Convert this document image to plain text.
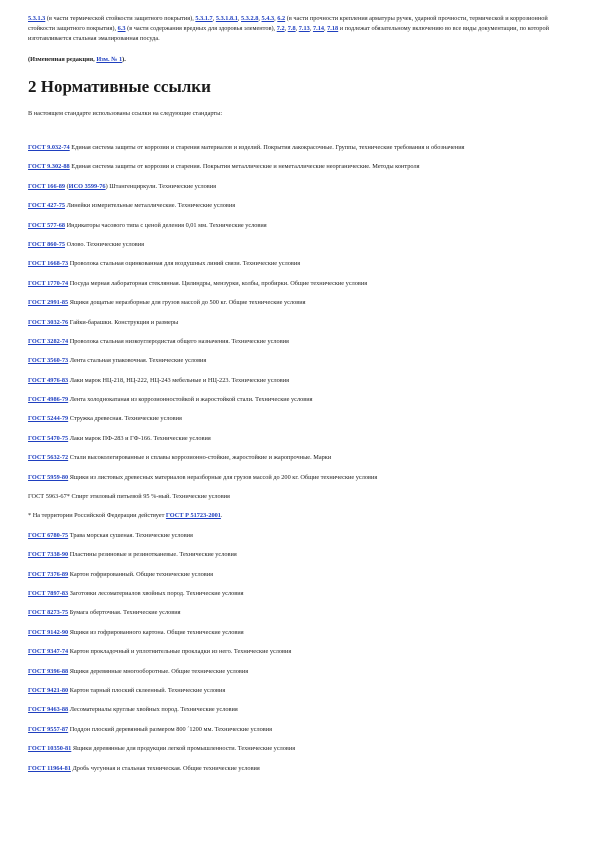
5.3.1.3 (в части термической стойкости защитного покрытия), 5.3.1.7, 5.3.1.8.1, 5.3.2.8, 5.4.3, 6.2 (в части прочности крепления арматуры ручек, ударной прочности, термической и коррозионной стойкости защитного покрытия), 6.3 (в части содержания вредных для здоровья элементов), 7.2, 7.8, 7.13, 7.14, 7.18 и подлежат обязательному включению во все виды документации, по которой изготавливается стальная эмалированная посуда.

(Измененная редакция, Изм. № 1).

2 Нормативные ссылки

В настоящем стандарте использованы ссылки на следующие стандарты:

ГОСТ 9.032-74 Единая система защиты от коррозии и старения материалов и изделий. Покрытия лакокрасочные. Группы, технические требования и обозначения

ГОСТ 9.302-88 Единая система защиты от коррозии и старения. Покрытия металлические и неметаллические неорганические. Методы контроля

ГОСТ 166-89 (ИСО 3599-76) Штангенциркули. Технические условия

ГОСТ 427-75 Линейки измерительные металлические. Технические условия

ГОСТ 577-68 Индикаторы часового типа с ценой деления 0,01 мм. Технические условия

ГОСТ 860-75 Олово. Технические условия

ГОСТ 1668-73 Проволока стальная оцинкованная для воздушных линий связи. Технические условия

ГОСТ 1770-74 Посуда мерная лабораторная стеклянная. Цилиндры, мензурки, колбы, пробирки. Общие технические условия

ГОСТ 2991-85 Ящики дощатые неразборные для грузов массой до 500 кг. Общие технические условия

ГОСТ 3032-76 Гайки-барашки. Конструкция и размеры

ГОСТ 3282-74 Проволока стальная низкоуглеродистая общего назначения. Технические условия

ГОСТ 3560-73 Лента стальная упаковочная. Технические условия

ГОСТ 4976-83 Лаки марок НЦ-218, НЦ-222, НЦ-243 мебельные и НЦ-223. Технические условия

ГОСТ 4986-79 Лента холоднокатаная из коррозионностойкой и жаростойкой стали. Технические условия

ГОСТ 5244-79 Стружка древесная. Технические условия

ГОСТ 5470-75 Лаки марок ПФ-283 и ГФ-166. Технические условия

ГОСТ 5632-72 Стали высоколегированные и сплавы коррозионно-стойкие, жаростойкие и жаропрочные. Марки

ГОСТ 5959-80 Ящики из листовых древесных материалов неразборные для грузов массой до 200 кг. Общие технические условия

ГОСТ 5963-67* Спирт этиловый питьевой 95 %-ный. Технические условия

* На территории Российской Федерации действует ГОСТ Р 51723-2001.

ГОСТ 6780-75 Трава морская сушеная. Технические условия

ГОСТ 7338-90 Пластины резиновые и резинотканевые. Технические условия

ГОСТ 7376-89 Картон гофрированный. Общие технические условия

ГОСТ 7897-83 Заготовки лесоматериалов хвойных пород. Технические условия

ГОСТ 8273-75 Бумага оберточная. Технические условия

ГОСТ 9142-90 Ящики из гофрированного картона. Общие технические условия

ГОСТ 9347-74 Картон прокладочный и уплотнительные прокладки из него. Технические условия

ГОСТ 9396-88 Ящики деревянные многооборотные. Общие технические условия

ГОСТ 9421-80 Картон тарный плоский склеенный. Технические условия

ГОСТ 9463-88 Лесоматериалы круглые хвойных пород. Технические условия

ГОСТ 9557-87 Поддон плоский деревянный размером 800 ´1200 мм. Технические условия

ГОСТ 10350-81 Ящики деревянные для продукции легкой промышленности. Технические условия

ГОСТ 11964-81 Дробь чугунная и стальная техническая. Общие технические условия
